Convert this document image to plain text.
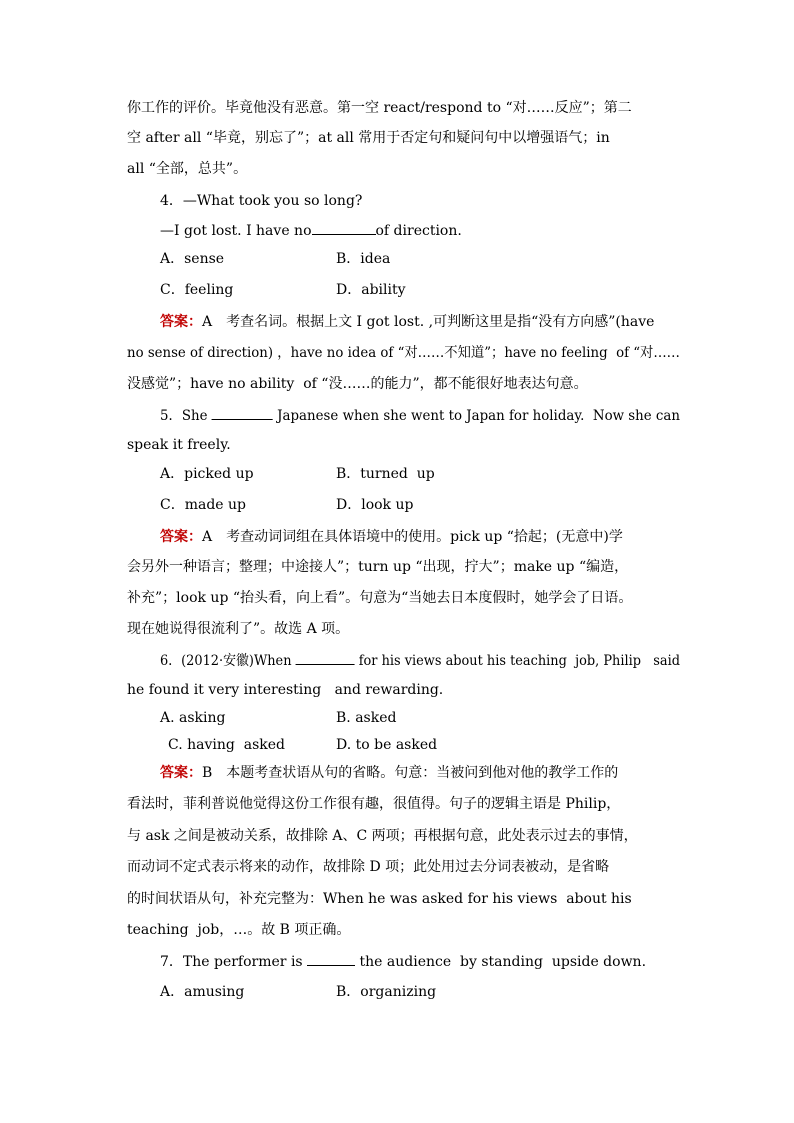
你工作的评价。毕竟他没有恶意。第一空 react/respond to “对……反应”；第二
空 after all “毕竟，别忘了”；at all 常用于否定句和疑问句中以增强语气；in
all “全部，总共”。
4．—What took you so long?
—I got lost. I have no	of direction.
A．sense	B．idea
C．feeling	D．ability
答案：A　考查名词。根据上文 I got lost. ,可判断这里是指“没有方向感”(have
no sense of direction) ，have no idea of “对……不知道”；have no feeling  of “对……
没感觉”；have no ability  of “没……的能力”，都不能很好地表达句意。
5．She	Japanese when she went to Japan for holiday.  Now she can
speak it freely.
A．picked up	B．turned  up
C．made up	D．look up
答案：A　考查动词词组在具体语境中的使用。pick up “拾起；(无意中)学
会另外一种语言；整理；中途接人”；turn up “出现，拧大”；make up “编造，
补充”；look up “抬头看，向上看”。句意为“当她去日本度假时，她学会了日语。
现在她说得很流利了”。故选 A 项。
6．(2012·安徽)When	for his views about his teaching  job, Philip   said
he found it very interesting   and rewarding.
A. asking	B. asked
C. having  asked	D. to be asked
答案：B　本题考查状语从句的省略。句意：当被问到他对他的教学工作的
看法时，菲利普说他觉得这份工作很有趣，很值得。句子的逻辑主语是 Philip，
与 ask 之间是被动关系，故排除 A、C 两项；再根据句意，此处表示过去的事情，
而动词不定式表示将来的动作，故排除 D 项；此处用过去分词表被动，是省略
的时间状语从句，补充完整为：When he was asked for his views  about his
teaching  job，…。故 B 项正确。
7．The performer is	the audience  by standing  upside down.
A．amusing	B．organizing
